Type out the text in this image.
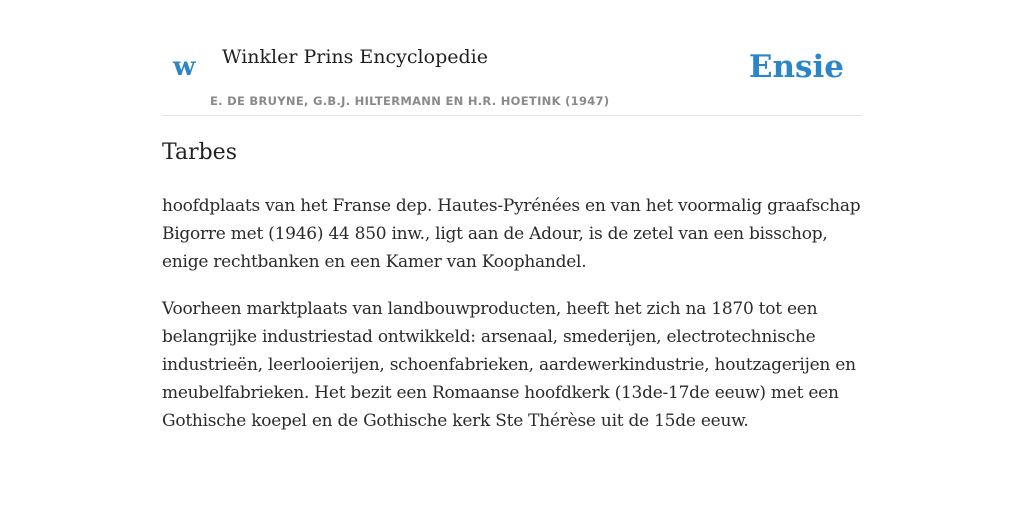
w Winkler Prins Encyclopedie
E. DE BRUYNE, G.B.J. HILTERMANN EN H.R. HOETINK (1947)
Ensie
Tarbes

hoofdplaats van het Franse dep. Hautes-Pyrénées en van het voormalig graafschap Bigorre met (1946) 44 850 inw., ligt aan de Adour, is de zetel van een bisschop, enige rechtbanken en een Kamer van Koophandel.

Voorheen marktplaats van landbouwproducten, heeft het zich na 1870 tot een belangrijke industriestad ontwikkeld: arsenaal, smederijen, electrotechnische industrieën, leerlooierijen, schoenfabrieken, aardewerkindustrie, houtzagerijen en meubelfabrieken. Het bezit een Romaanse hoofdkerk (13de-17de eeuw) met een Gothische koepel en de Gothische kerk Ste Thérèse uit de 15de eeuw.
